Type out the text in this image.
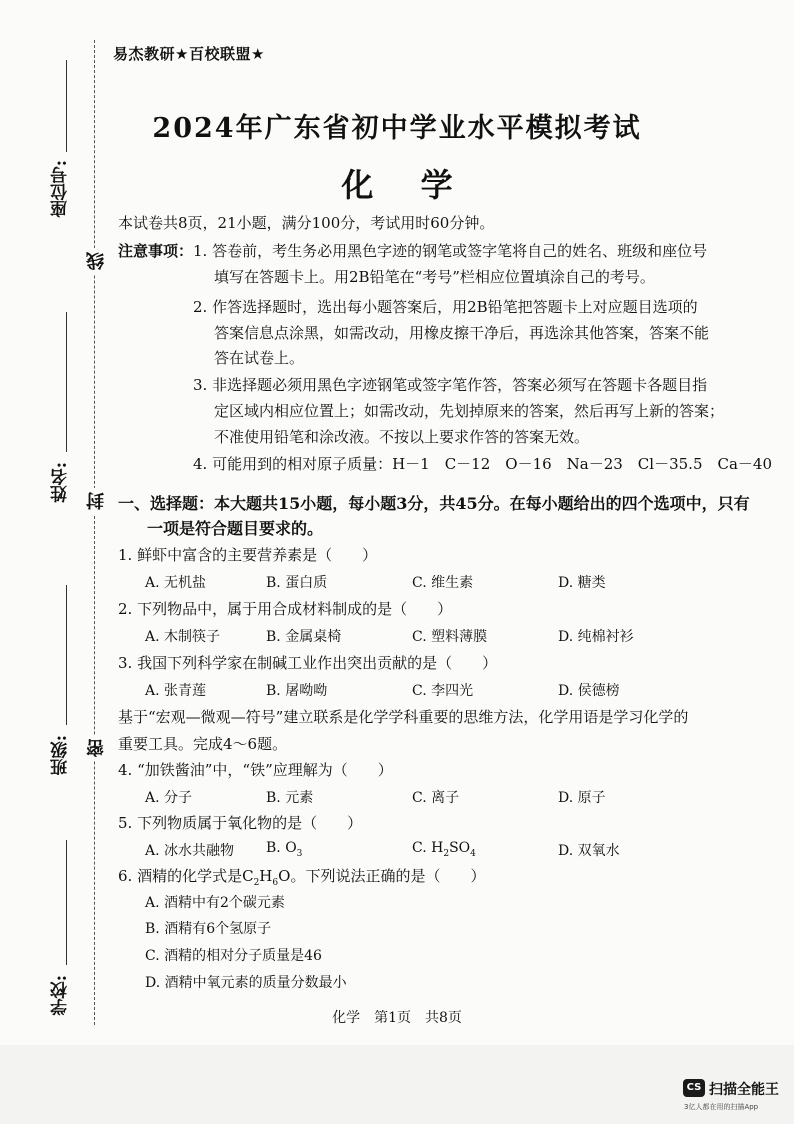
座位号:
姓名:
班级:
学校:
线
封
密
易杰教研★百校联盟★
2024年广东省初中学业水平模拟考试
化 学
本试卷共8页，21小题，满分100分，考试用时60分钟。
注意事项： 1. 答卷前，考生务必用黑色字迹的钢笔或签字笔将自己的姓名、班级和座位号
填写在答题卡上。用2B铅笔在“考号”栏相应位置填涂自己的考号。
2. 作答选择题时，选出每小题答案后，用2B铅笔把答题卡上对应题目选项的
答案信息点涂黑，如需改动，用橡皮擦干净后，再选涂其他答案，答案不能
答在试卷上。
3. 非选择题必须用黑色字迹钢笔或签字笔作答，答案必须写在答题卡各题目指
定区域内相应位置上；如需改动，先划掉原来的答案，然后再写上新的答案；
不准使用铅笔和涂改液。不按以上要求作答的答案无效。
4. 可能用到的相对原子质量：H－1　C－12　O－16　Na－23　Cl－35.5　Ca－40
一、选择题：本大题共15小题，每小题3分，共45分。在每小题给出的四个选项中，只有
一项是符合题目要求的。
1. 鲜虾中富含的主要营养素是（　　）
A. 无机盐	B. 蛋白质	C. 维生素	D. 糖类
2. 下列物品中，属于用合成材料制成的是（　　）
A. 木制筷子	B. 金属桌椅	C. 塑料薄膜	D. 纯棉衬衫
3. 我国下列科学家在制碱工业作出突出贡献的是（　　）
A. 张青莲	B. 屠呦呦	C. 李四光	D. 侯德榜
基于“宏观—微观—符号”建立联系是化学学科重要的思维方法，化学用语是学习化学的
重要工具。完成4～6题。
4. “加铁酱油”中，“铁”应理解为（　　）
A. 分子	B. 元素	C. 离子	D. 原子
5. 下列物质属于氧化物的是（　　）
A. 冰水共融物 B. $O_3$	C. $H_2SO_4$	D. 双氧水
6. 酒精的化学式是$C_2H_6O$。下列说法正确的是（　　）
A. 酒精中有2个碳元素
B. 酒精有6个氢原子
C. 酒精的相对分子质量是46
D. 酒精中氧元素的质量分数最小
化学　第1页　共8页
CS 扫描全能王
3亿人都在用的扫描App
